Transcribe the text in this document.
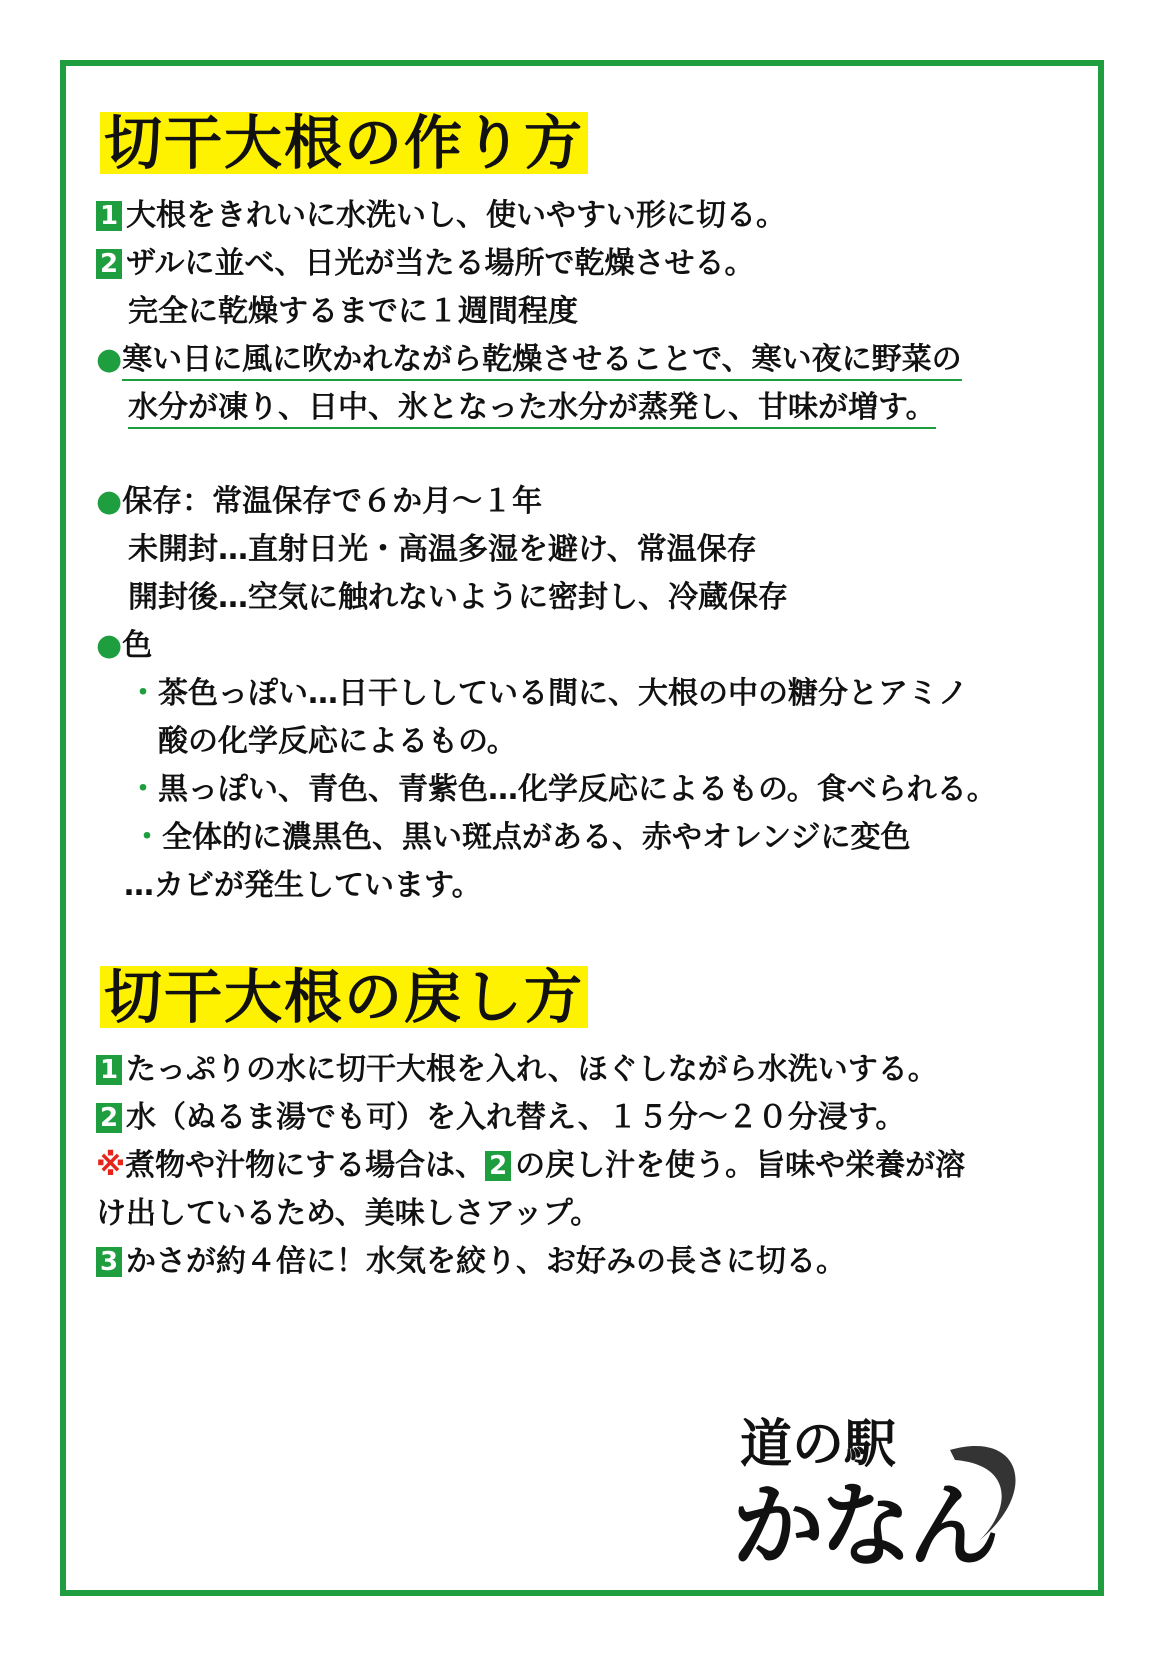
切干大根の作り方
1 大根をきれいに水洗いし、使いやすい形に切る。
2 ザルに並べ、日光が当たる場所で乾燥させる。
完全に乾燥するまでに１週間程度
●寒い日に風に吹かれながら乾燥させることで、寒い夜に野菜の
水分が凍り、日中、氷となった水分が蒸発し、甘味が増す。
●保存：常温保存で６か月～１年
未開封…直射日光・高温多湿を避け、常温保存
開封後…空気に触れないように密封し、冷蔵保存
●色
・茶色っぽい…日干ししている間に、大根の中の糖分とアミノ
酸の化学反応によるもの。
・黒っぽい、青色、青紫色…化学反応によるもの。食べられる。
・全体的に濃黒色、黒い斑点がある、赤やオレンジに変色
…カビが発生しています。
切干大根の戻し方
1 たっぷりの水に切干大根を入れ、ほぐしながら水洗いする。
2 水（ぬるま湯でも可）を入れ替え、１５分～２０分浸す。
※煮物や汁物にする場合は、 2 の戻し汁を使う。旨味や栄養が溶
け出しているため、美味しさアップ。
3 かさが約４倍に！水気を絞り、お好みの長さに切る。
道の駅
かなん
